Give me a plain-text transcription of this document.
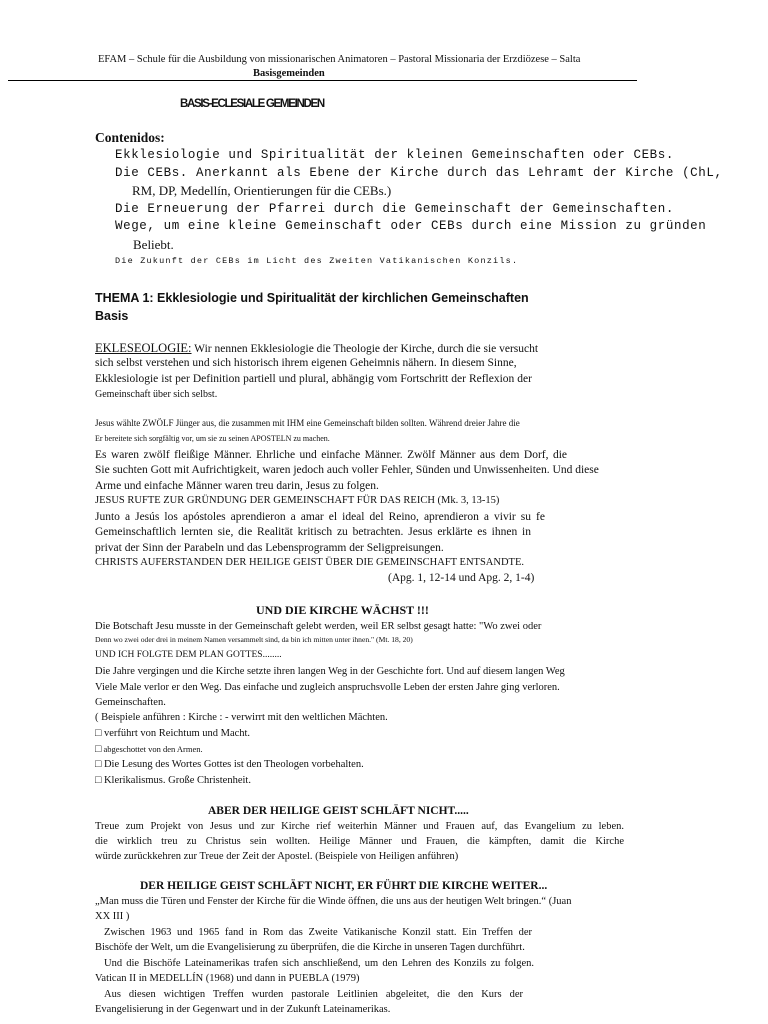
EFAM – Schule für die Ausbildung von missionarischen Animatoren – Pastoral Missionaria der Erzdiözese – Salta
Basisgemeinden
BASIS-ECLESIALE GEMEINDEN
Contenidos:
Ekklesiologie und Spiritualität der kleinen Gemeinschaften oder CEBs.
Die CEBs. Anerkannt als Ebene der Kirche durch das Lehramt der Kirche (ChL,
RM, DP, Medellín, Orientierungen für die CEBs.)
Die Erneuerung der Pfarrei durch die Gemeinschaft der Gemeinschaften.
Wege, um eine kleine Gemeinschaft oder CEBs durch eine Mission zu gründen
Beliebt.
Die Zukunft der CEBs im Licht des Zweiten Vatikanischen Konzils.
THEMA 1: Ekklesiologie und Spiritualität der kirchlichen Gemeinschaften
Basis
EKLESEOLOGIE: Wir nennen Ekklesiologie die Theologie der Kirche, durch die sie versucht
sich selbst verstehen und sich historisch ihrem eigenen Geheimnis nähern. In diesem Sinne,
Ekklesiologie ist per Definition partiell und plural, abhängig vom Fortschritt der Reflexion der
Gemeinschaft über sich selbst.
Jesus wählte ZWÖLF Jünger aus, die zusammen mit IHM eine Gemeinschaft bilden sollten. Während dreier Jahre die
Er bereitete sich sorgfältig vor, um sie zu seinen APOSTELN zu machen.
Es waren zwölf fleißige Männer. Ehrliche und einfache Männer. Zwölf Männer aus dem Dorf, die
Sie suchten Gott mit Aufrichtigkeit, waren jedoch auch voller Fehler, Sünden und Unwissenheiten. Und diese
Arme und einfache Männer waren treu darin, Jesus zu folgen.
JESUS RUFTE ZUR GRÜNDUNG DER GEMEINSCHAFT FÜR DAS REICH (Mk. 3, 13-15)
Junto a Jesús los apóstoles aprendieron a amar el ideal del Reino, aprendieron a vivir su fe
Gemeinschaftlich lernten sie, die Realität kritisch zu betrachten. Jesus erklärte es ihnen in
privat der Sinn der Parabeln und das Lebensprogramm der Seligpreisungen.
CHRISTS AUFERSTANDEN DER HEILIGE GEIST ÜBER DIE GEMEINSCHAFT ENTSANDTE.
(Apg. 1, 12-14 und Apg. 2, 1-4)
UND DIE KIRCHE WÄCHST !!!
Die Botschaft Jesu musste in der Gemeinschaft gelebt werden, weil ER selbst gesagt hatte: "Wo zwei oder
Denn wo zwei oder drei in meinem Namen versammelt sind, da bin ich mitten unter ihnen." (Mt. 18, 20)
UND ICH FOLGTE DEM PLAN GOTTES........
Die Jahre vergingen und die Kirche setzte ihren langen Weg in der Geschichte fort. Und auf diesem langen Weg
Viele Male verlor er den Weg. Das einfache und zugleich anspruchsvolle Leben der ersten Jahre ging verloren.
Gemeinschaften.
( Beispiele anführen : Kirche : - verwirrt mit den weltlichen Mächten.
□ verführt von Reichtum und Macht.
□ abgeschottet von den Armen.
□ Die Lesung des Wortes Gottes ist den Theologen vorbehalten.
□ Klerikalismus. Große Christenheit.
ABER DER HEILIGE GEIST SCHLÄFT NICHT.....
Treue zum Projekt von Jesus und zur Kirche rief weiterhin Männer und Frauen auf, das Evangelium zu leben.
die wirklich treu zu Christus sein wollten. Heilige Männer und Frauen, die kämpften, damit die Kirche
würde zurückkehren zur Treue der Zeit der Apostel. (Beispiele von Heiligen anführen)
DER HEILIGE GEIST SCHLÄFT NICHT, ER FÜHRT DIE KIRCHE WEITER...
„Man muss die Türen und Fenster der Kirche für die Winde öffnen, die uns aus der heutigen Welt bringen.“ (Juan
XX III )
Zwischen 1963 und 1965 fand in Rom das Zweite Vatikanische Konzil statt. Ein Treffen der
Bischöfe der Welt, um die Evangelisierung zu überprüfen, die die Kirche in unseren Tagen durchführt.
Und die Bischöfe Lateinamerikas trafen sich anschließend, um den Lehren des Konzils zu folgen.
Vatican II in MEDELLÍN (1968) und dann in PUEBLA (1979)
Aus diesen wichtigen Treffen wurden pastorale Leitlinien abgeleitet, die den Kurs der
Evangelisierung in der Gegenwart und in der Zukunft Lateinamerikas.
